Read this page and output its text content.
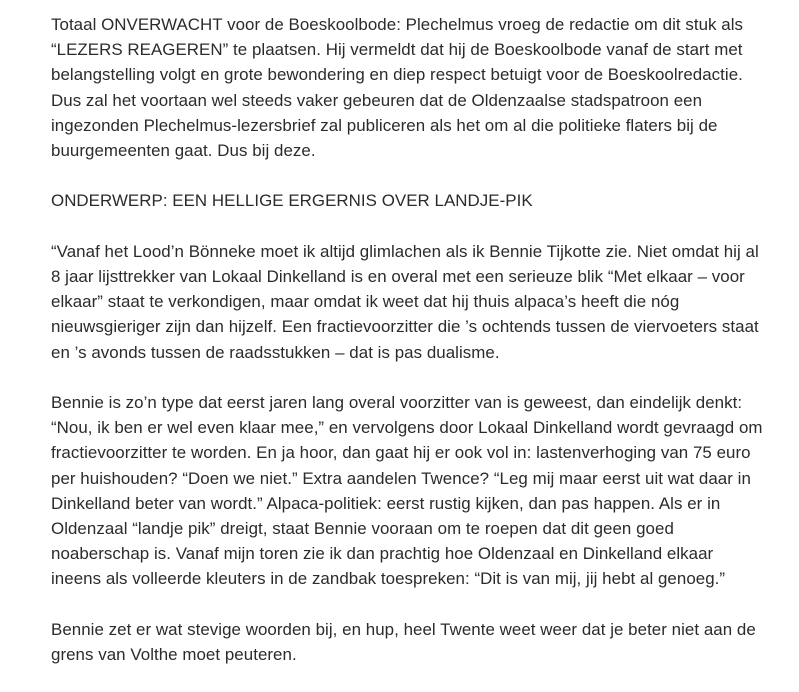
Totaal ONVERWACHT voor de Boeskoolbode: Plechelmus vroeg de redactie om dit stuk als “LEZERS REAGEREN” te plaatsen. Hij vermeldt dat hij de Boeskoolbode vanaf de start met belangstelling volgt en grote bewondering en diep respect betuigt voor de Boeskoolredactie. Dus zal het voortaan wel steeds vaker gebeuren dat de Oldenzaalse stadspatroon een ingezonden Plechelmus-lezersbrief zal publiceren als het om al die politieke flaters bij de buurgemeenten gaat. Dus bij deze.

ONDERWERP: EEN HELLIGE ERGERNIS OVER LANDJE-PIK

“Vanaf het Lood’n Bönneke moet ik altijd glimlachen als ik Bennie Tijkotte zie. Niet omdat hij al 8 jaar lijsttrekker van Lokaal Dinkelland is en overal met een serieuze blik “Met elkaar – voor elkaar” staat te verkondigen, maar omdat ik weet dat hij thuis alpaca’s heeft die nóg nieuwsgieriger zijn dan hijzelf. Een fractievoorzitter die ’s ochtends tussen de viervoeters staat en ’s avonds tussen de raadsstukken – dat is pas dualisme.

Bennie is zo’n type dat eerst jaren lang overal voorzitter van is geweest, dan eindelijk denkt: “Nou, ik ben er wel even klaar mee,” en vervolgens door Lokaal Dinkelland wordt gevraagd om fractievoorzitter te worden. En ja hoor, dan gaat hij er ook vol in: lastenverhoging van 75 euro per huishouden? “Doen we niet.” Extra aandelen Twence? “Leg mij maar eerst uit wat daar in Dinkelland beter van wordt.” Alpaca-politiek: eerst rustig kijken, dan pas happen. Als er in Oldenzaal “landje pik” dreigt, staat Bennie vooraan om te roepen dat dit geen goed noaberschap is. Vanaf mijn toren zie ik dan prachtig hoe Oldenzaal en Dinkelland elkaar ineens als volleerde kleuters in de zandbak toespreken: “Dit is van mij, jij hebt al genoeg.”

Bennie zet er wat stevige woorden bij, en hup, heel Twente weet weer dat je beter niet aan de grens van Volthe moet peuteren.
